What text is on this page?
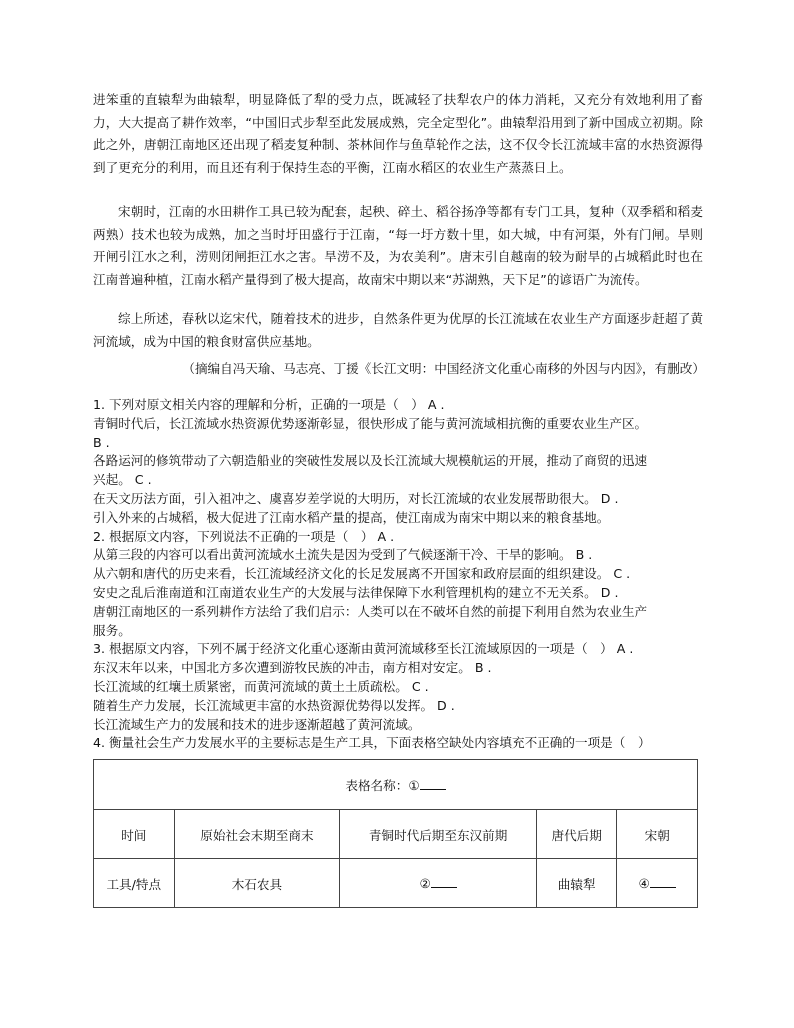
进笨重的直辕犁为曲辕犁，明显降低了犁的受力点，既减轻了扶犁农户的体力消耗，又充分有效地利用了畜力，大大提高了耕作效率，“中国旧式步犁至此发展成熟，完全定型化”。曲辕犁沿用到了新中国成立初期。除此之外，唐朝江南地区还出现了稻麦复种制、茶林间作与鱼草轮作之法，这不仅令长江流域丰富的水热资源得到了更充分的利用，而且还有利于保持生态的平衡，江南水稻区的农业生产蒸蒸日上。

宋朝时，江南的水田耕作工具已较为配套，起秧、碎土、稻谷扬净等都有专门工具，复种（双季稻和稻麦两熟）技术也较为成熟，加之当时圩田盛行于江南，“每一圩方数十里，如大城，中有河渠，外有门闸。旱则开闸引江水之利，涝则闭闸拒江水之害。旱涝不及，为农美利”。唐末引自越南的较为耐旱的占城稻此时也在江南普遍种植，江南水稻产量得到了极大提高，故南宋中期以来“苏湖熟，天下足”的谚语广为流传。

综上所述，春秋以迄宋代，随着技术的进步，自然条件更为优厚的长江流域在农业生产方面逐步赶超了黄河流域，成为中国的粮食财富供应基地。

（摘编自冯天瑜、马志亮、丁援《长江文明：中国经济文化重心南移的外因与内因》，有删改）

1. 下列对原文相关内容的理解和分析，正确的一项是（　） A .
青铜时代后，长江流域水热资源优势逐渐彰显，很快形成了能与黄河流域相抗衡的重要农业生产区。
B .
各路运河的修筑带动了六朝造船业的突破性发展以及长江流域大规模航运的开展，推动了商贸的迅速
兴起。 C .
在天文历法方面，引入祖冲之、虞喜岁差学说的大明历，对长江流域的农业发展帮助很大。 D .
引入外来的占城稻，极大促进了江南水稻产量的提高，使江南成为南宋中期以来的粮食基地。
2. 根据原文内容，下列说法不正确的一项是（　） A .
从第三段的内容可以看出黄河流域水土流失是因为受到了气候逐渐干冷、干旱的影响。 B .
从六朝和唐代的历史来看，长江流域经济文化的长足发展离不开国家和政府层面的组织建设。 C .
安史之乱后淮南道和江南道农业生产的大发展与法律保障下水利管理机构的建立不无关系。 D .
唐朝江南地区的一系列耕作方法给了我们启示：人类可以在不破坏自然的前提下利用自然为农业生产
服务。
3. 根据原文内容，下列不属于经济文化重心逐渐由黄河流域移至长江流域原因的一项是（　） A .
东汉末年以来，中国北方多次遭到游牧民族的冲击，南方相对安定。 B .
长江流域的红壤土质紧密，而黄河流域的黄土土质疏松。 C .
随着生产力发展，长江流域更丰富的水热资源优势得以发挥。 D .
长江流域生产力的发展和技术的进步逐渐超越了黄河流域。
4. 衡量社会生产力发展水平的主要标志是生产工具，下面表格空缺处内容填充不正确的一项是（　）
表格名称：①				
时间	原始社会末期至商末	青铜时代后期至东汉前期	唐代后期	宋朝
工具/特点	木石农具	②	曲辕犁	④
